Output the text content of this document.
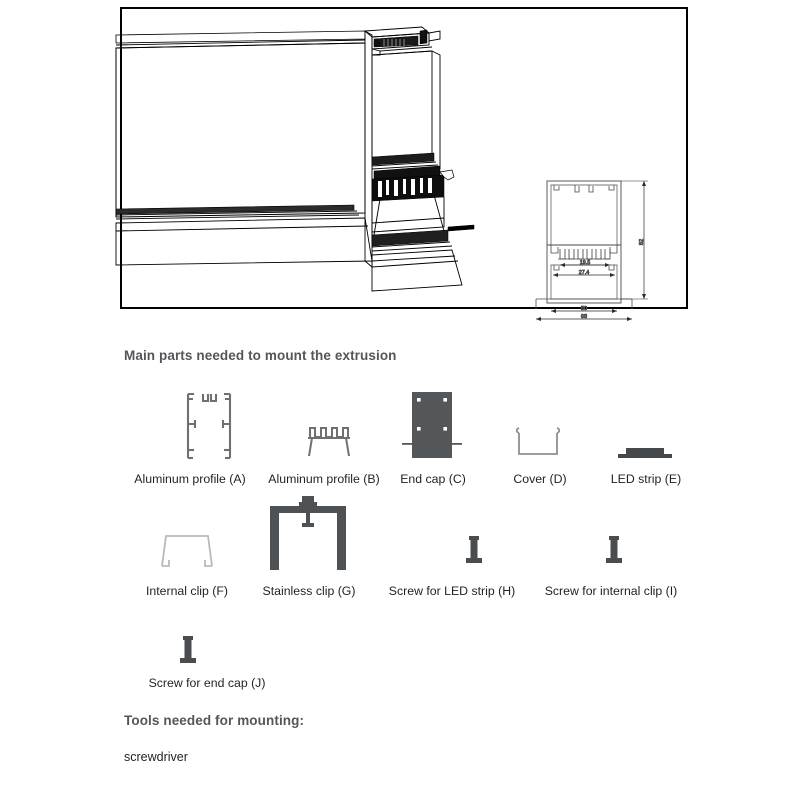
19.5
27.4
50
68
82
Main parts needed to mount the extrusion
Aluminum profile (A)	Aluminum profile (B)	End cap (C)	Cover (D)	LED strip (E)
Internal clip (F)	Stainless clip (G)	Screw for LED strip (H)	Screw for internal clip (I)
Screw for end cap (J)
Tools needed for mounting:
screwdriver
